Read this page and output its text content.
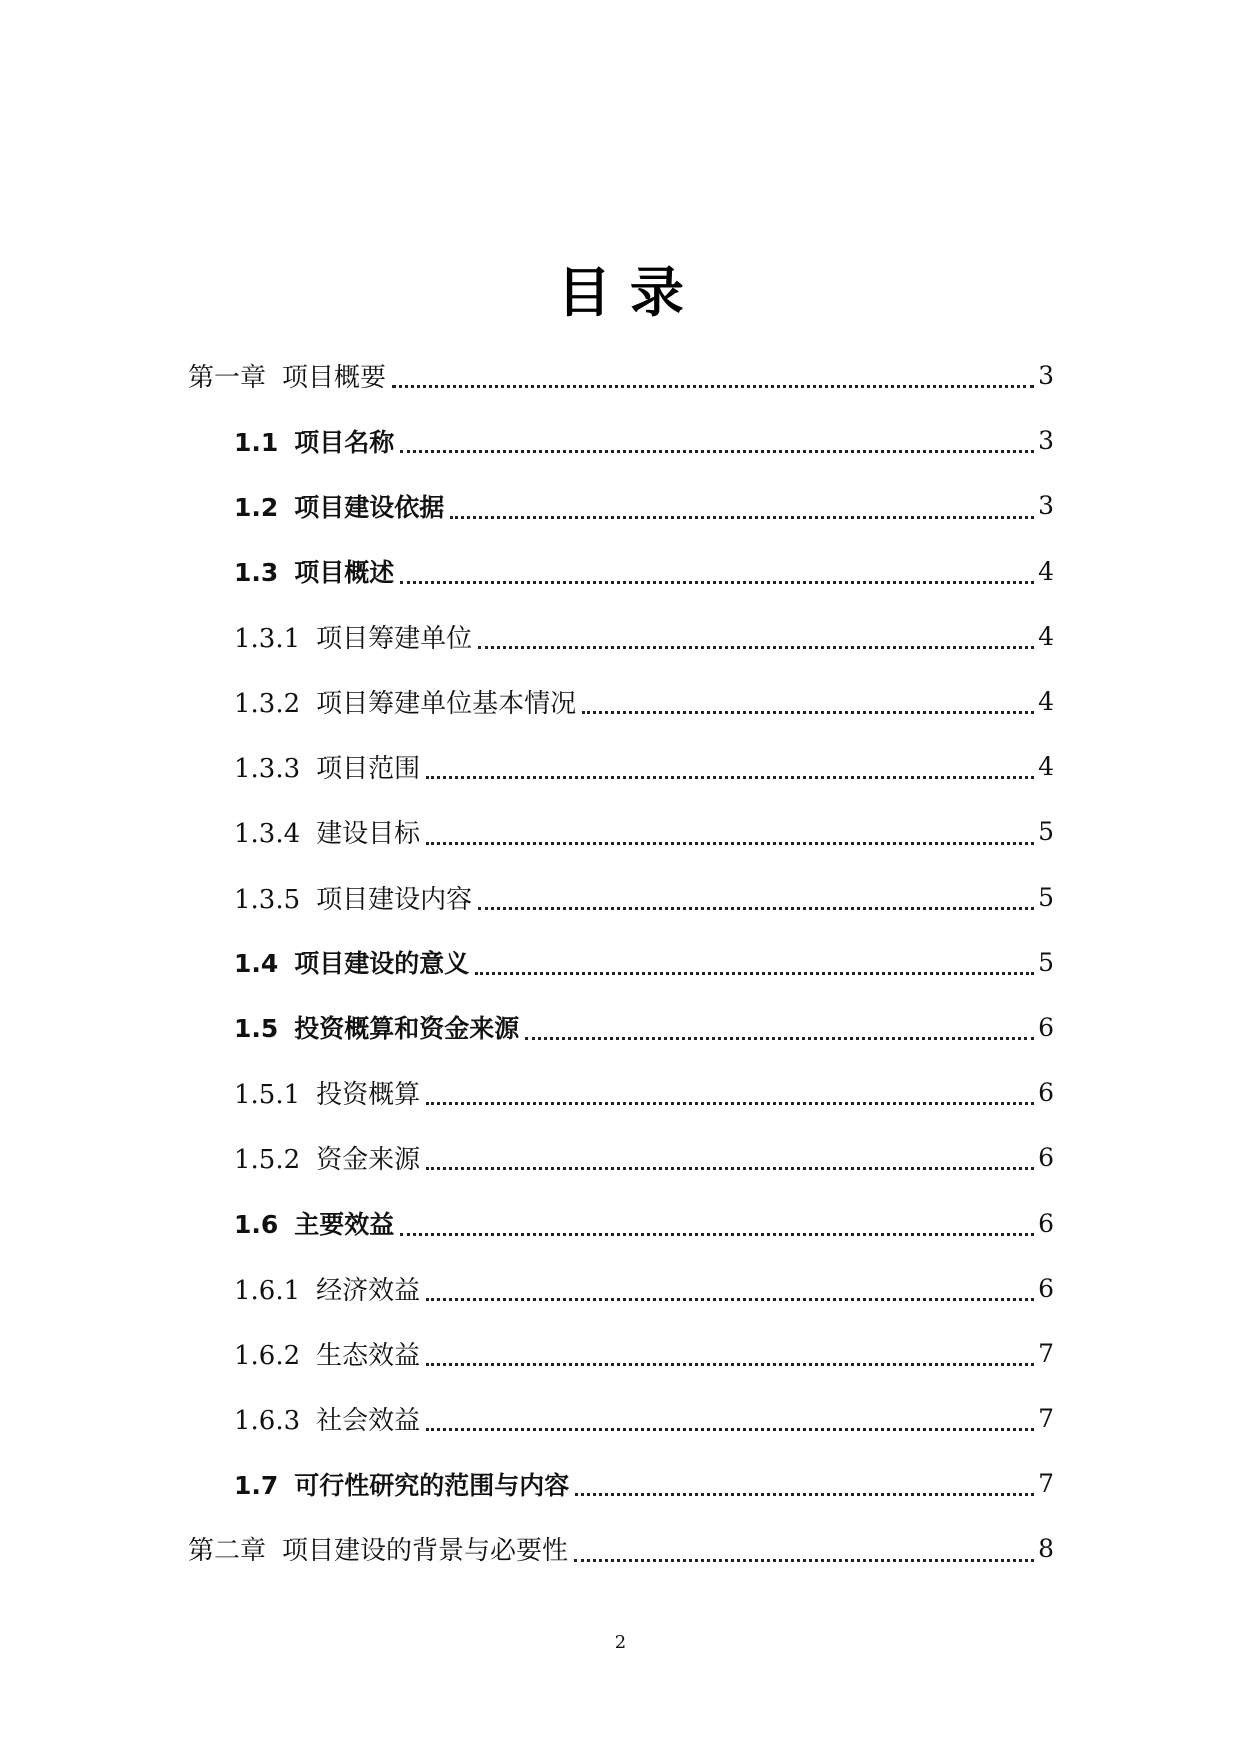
目 录
第一章 项目概要	3
1.1 项目名称	3
1.2 项目建设依据	3
1.3 项目概述	4
1.3.1 项目筹建单位	4
1.3.2 项目筹建单位基本情况	4
1.3.3 项目范围	4
1.3.4 建设目标	5
1.3.5 项目建设内容	5
1.4 项目建设的意义	5
1.5 投资概算和资金来源	6
1.5.1 投资概算	6
1.5.2 资金来源	6
1.6 主要效益	6
1.6.1 经济效益	6
1.6.2 生态效益	7
1.6.3 社会效益	7
1.7 可行性研究的范围与内容	7
第二章 项目建设的背景与必要性	8
2
